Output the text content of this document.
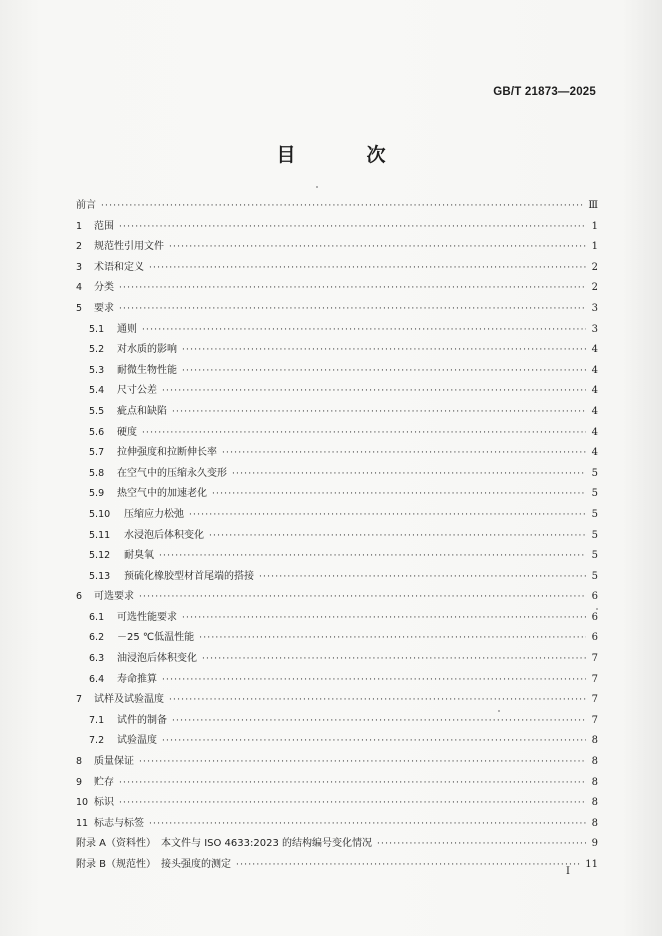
GB/T 21873—2025
目　次
前言 ·····	Ⅲ
1	范围 ·····	1
2	规范性引用文件 ·····	1
3	术语和定义 ·····	2
4	分类 ·····	2
5	要求 ·····	3
5.1	通则 ·····	3
5.2	对水质的影响 ·····	4
5.3	耐微生物性能 ·····	4
5.4	尺寸公差 ·····	4
5.5	疵点和缺陷 ·····	4
5.6	硬度 ·····	4
5.7	拉伸强度和拉断伸长率 ·····	4
5.8	在空气中的压缩永久变形 ·····	5
5.9	热空气中的加速老化 ·····	5
5.10	压缩应力松弛 ·····	5
5.11	水浸泡后体积变化 ·····	5
5.12	耐臭氧 ·····	5
5.13	预硫化橡胶型材首尾端的搭接 ·····	5
6	可选要求 ·····	6
6.1	可选性能要求 ·····	6
6.2	－25 ℃低温性能 ·····	6
6.3	油浸泡后体积变化 ·····	7
6.4	寿命推算 ·····	7
7	试样及试验温度 ·····	7
7.1	试件的制备 ·····	7
7.2	试验温度 ·····	8
8	质量保证 ·····	8
9	贮存 ·····	8
10 标识 ·····	8
11 标志与标签 ·····	8
附录 A（资料性）　本文件与 ISO 4633:2023 的结构编号变化情况 ·····	9
附录 B（规范性）　接头强度的测定 ·····	11
Ⅰ
